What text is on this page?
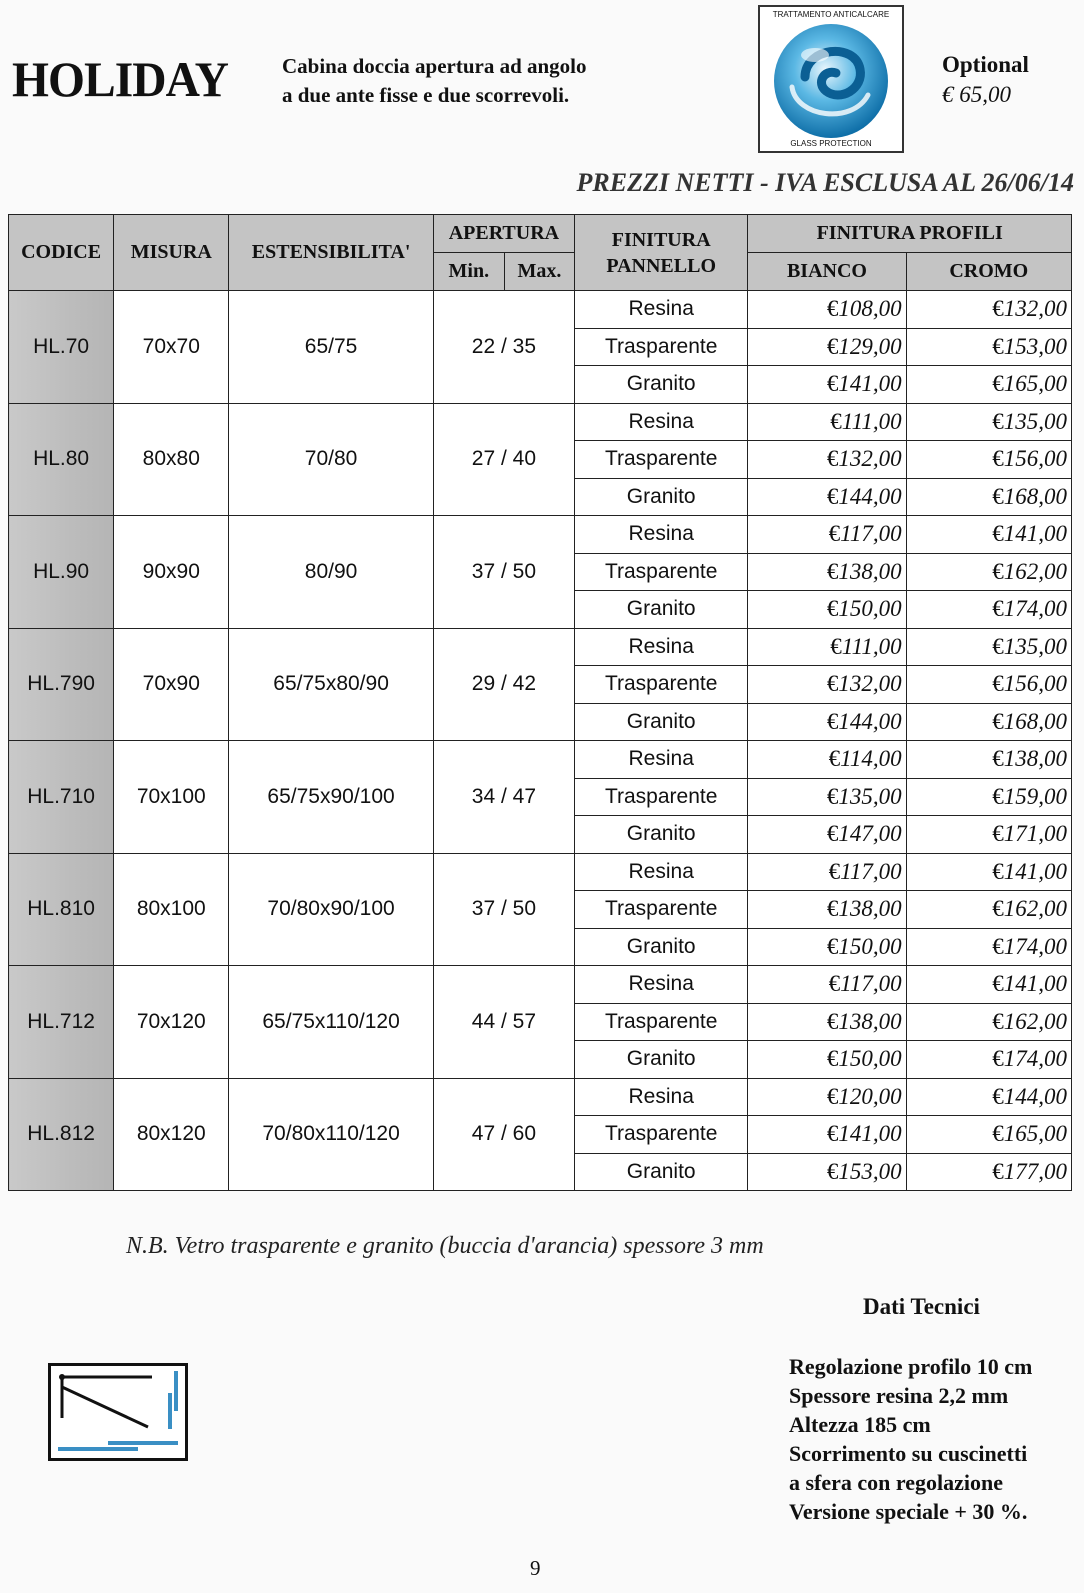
HOLIDAY	Cabina doccia apertura ad angolo
a due ante fisse e due scorrevoli.
TRATTAMENTO ANTICALCARE
GLASS PROTECTION
Optional
€ 65,00
PREZZI NETTI - IVA ESCLUSA AL 26/06/14
CODICE	MISURA	ESTENSIBILITA'	APERTURA		FINITURA PANNELLO	FINITURA PROFILI	
			Min.	Max.		BIANCO	CROMO
HL.70	70x70	65/75	22 / 35		Resina	€108,00	€132,00
					Trasparente	€129,00	€153,00
					Granito	€141,00	€165,00
HL.80	80x80	70/80	27 / 40		Resina	€111,00	€135,00
					Trasparente	€132,00	€156,00
					Granito	€144,00	€168,00
HL.90	90x90	80/90	37 / 50		Resina	€117,00	€141,00
					Trasparente	€138,00	€162,00
					Granito	€150,00	€174,00
HL.790	70x90	65/75x80/90	29 / 42		Resina	€111,00	€135,00
					Trasparente	€132,00	€156,00
					Granito	€144,00	€168,00
HL.710	70x100	65/75x90/100	34 / 47		Resina	€114,00	€138,00
					Trasparente	€135,00	€159,00
					Granito	€147,00	€171,00
HL.810	80x100	70/80x90/100	37 / 50		Resina	€117,00	€141,00
					Trasparente	€138,00	€162,00
					Granito	€150,00	€174,00
HL.712	70x120	65/75x110/120	44 / 57		Resina	€117,00	€141,00
					Trasparente	€138,00	€162,00
					Granito	€150,00	€174,00
HL.812	80x120	70/80x110/120	47 / 60		Resina	€120,00	€144,00
					Trasparente	€141,00	€165,00
					Granito	€153,00	€177,00

N.B. Vetro trasparente e granito (buccia d'arancia) spessore 3 mm
Dati Tecnici
Regolazione profilo 10 cm
Spessore resina 2,2 mm
Altezza 185 cm
Scorrimento su cuscinetti
a sfera con regolazione
Versione speciale + 30 %.
9
